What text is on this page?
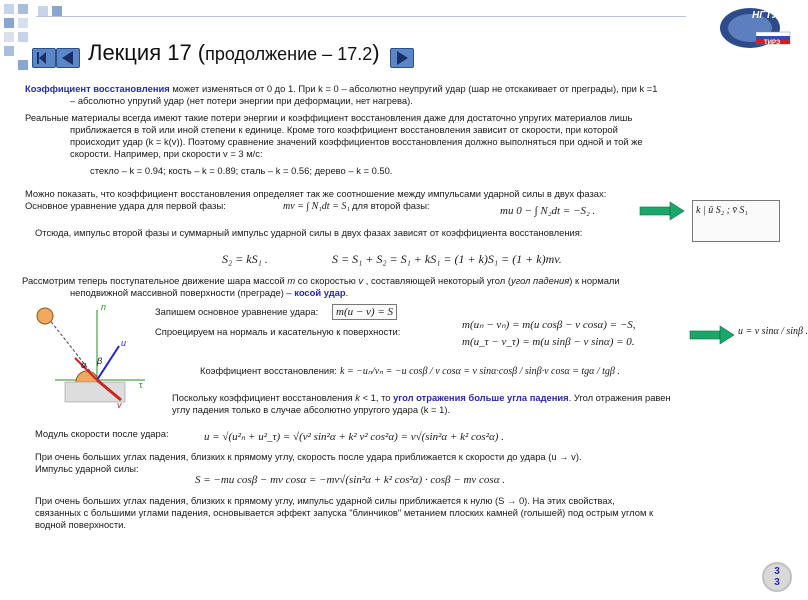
Лекция 17 (продолжение – 17.2)
НГТУ
ТИРЭ
Коэффициент восстановления может изменяться от 0 до 1. При k = 0 – абсолютно неупругий удар (шар не отскакивает от преграды), при k =1
– абсолютно упругий удар (нет потери энергии при деформации, нет нагрева).
Реальные материалы всегда имеют такие потери энергии и коэффициент восстановления даже для достаточно упругих материалов лишь
приближается в той или иной степени к единице. Кроме того коэффициент восстановления зависит от скорости, при которой
происходит удар (k = k(v)). Поэтому сравнение значений коэффициентов восстановления должно выполняться при одной и той же
скорости. Например, при скорости v = 3 м/с:
стекло – k = 0.94; кость – k = 0.89; сталь – k = 0.56; дерево – k = 0.50.
Можно показать, что коэффициент восстановления определяет так же соотношение между импульсами ударной силы в двух фазах:
Основное уравнение удара для первой фазы:	mv = ∫ N₁dt = S₁ для второй фазы:	mu 0 − ∫ N₂dt = −S₂ .	k | ū S₂ ; v̄ S₁
Отсюда, импульс второй фазы и суммарный импульс ударной силы в двух фазах зависят от коэффициента восстановления:
S₂ = kS₁ .	S = S₁ + S₂ = S₁ + kS₁ = (1 + k)S₁ = (1 + k)mv.
Рассмотрим теперь поступательное движение шара массой m со скоростью v , составляющей некоторый угол (угол падения) к нормали
неподвижной массивной поверхности (преграде) – косой удар.
n
τ
u
v
α β
Запишем основное уравнение удара:	m(u − v) = S
Спроецируем на нормаль и касательную к поверхности:
m(uₙ − vₙ) = m(u cosβ − v cosα) = −S,
m(u_τ − v_τ) = m(u sinβ − v sinα) = 0.
u = v sinα / sinβ .
Коэффициент восстановления: k = −uₙ/vₙ = −u cosβ / v cosα = v sinα·cosβ / sinβ·v cosα = tgα / tgβ .
Поскольку коэффициент восстановления k < 1, то угол отражения больше угла падения. Угол отражения равен
углу падения только в случае абсолютно упругого удара (k = 1).
Модуль скорости после удара:	u = √(u²ₙ + u²_τ) = √(v² sin²α + k² v² cos²α) = v√(sin²α + k² cos²α) .
При очень больших углах падения, близких к прямому углу, скорость после удара приближается к скорости до удара (u → v).
Импульс ударной силы:
S = −mu cosβ − mv cosα = −mv√(sin²α + k² cos²α) · cosβ − mv cosα .
При очень больших углах падения, близких к прямому углу, импульс ударной силы приближается к нулю (S → 0). На этих свойствах,
связанных с большими углами падения, основывается эффект запуска "блинчиков" метанием плоских камней (голышей) под острым углом к
водной поверхности.
3
3
